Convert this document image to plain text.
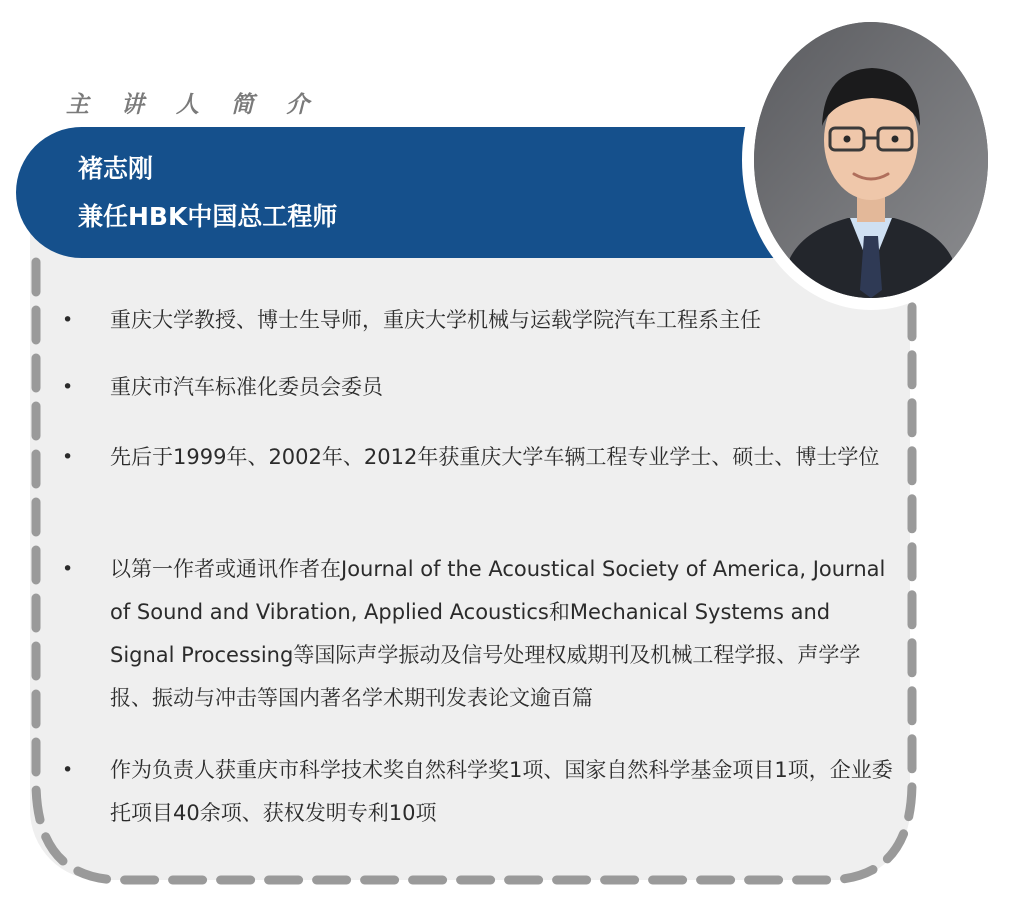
主 讲 人 简 介
褚志刚
兼任HBK中国总工程师
• 重庆大学教授、博士生导师，重庆大学机械与运载学院汽车工程系主任
• 重庆市汽车标准化委员会委员
• 先后于1999年、2002年、2012年获重庆大学车辆工程专业学士、硕士、博士学位
• 以第一作者或通讯作者在Journal of the Acoustical Society of America, Journal of Sound and Vibration, Applied Acoustics和Mechanical Systems and Signal Processing等国际声学振动及信号处理权威期刊及机械工程学报、声学学报、振动与冲击等国内著名学术期刊发表论文逾百篇
• 作为负责人获重庆市科学技术奖自然科学奖1项、国家自然科学基金项目1项，企业委托项目40余项、获权发明专利10项
